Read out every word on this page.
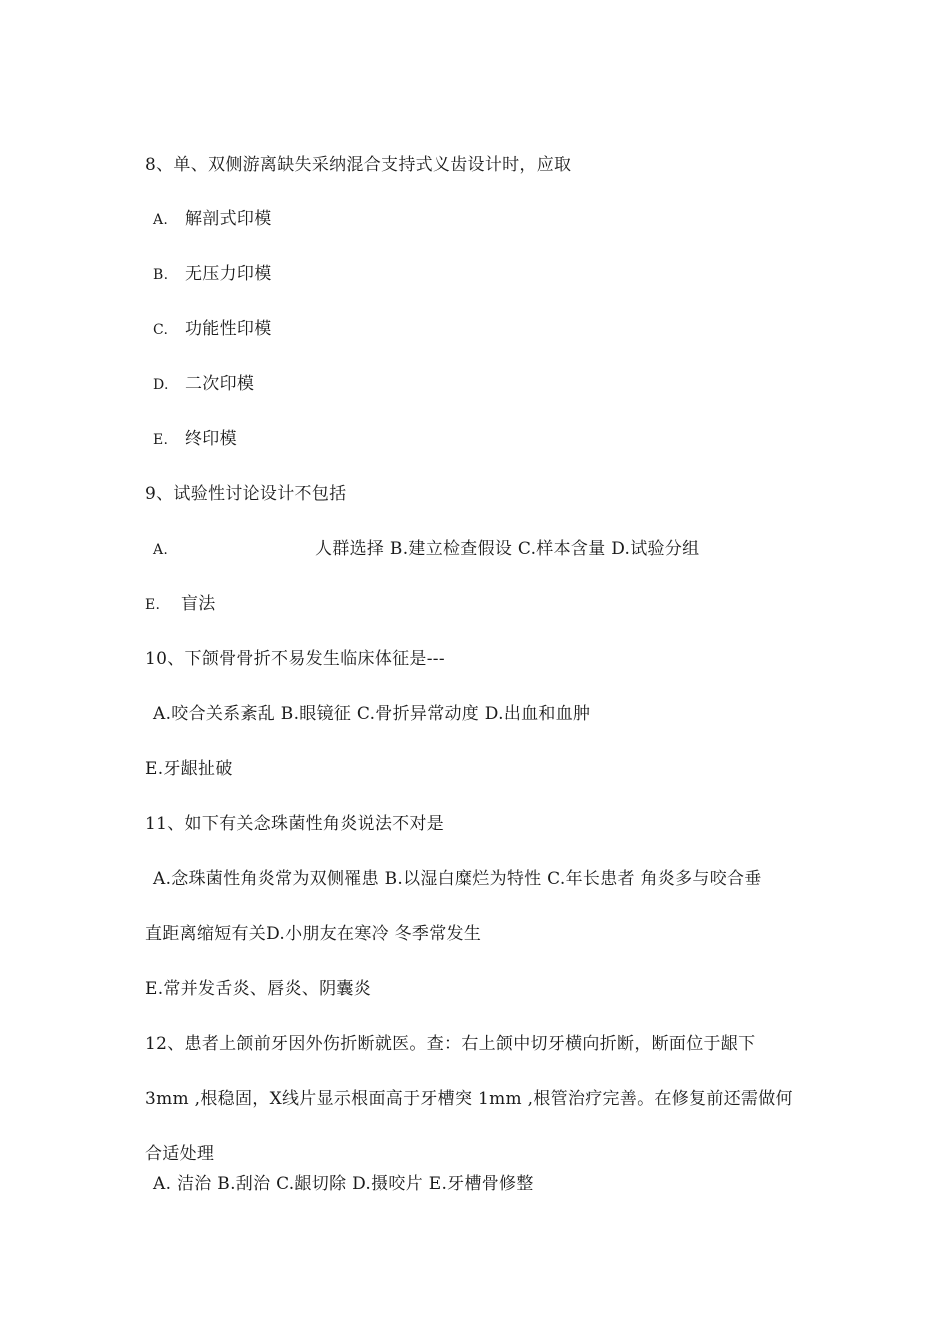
8、单、双侧游离缺失采纳混合支持式义齿设计时，应取
A. 解剖式印模
B. 无压力印模
C. 功能性印模
D. 二次印模
E. 终印模
9、试验性讨论设计不包括
A.	人群选择 B.建立检查假设 C.样本含量 D.试验分组
E. 盲法
10、下颌骨骨折不易发生临床体征是---
A.咬合关系紊乱 B.眼镜征 C.骨折异常动度 D.出血和血肿
E.牙龈扯破
11、如下有关念珠菌性角炎说法不对是
A.念珠菌性角炎常为双侧罹患 B.以湿白糜烂为特性 C.年长患者 角炎多与咬合垂
直距离缩短有关D.小朋友在寒冷 冬季常发生
E.常并发舌炎、唇炎、阴囊炎
12、患者上颌前牙因外伤折断就医。查：右上颌中切牙横向折断，断面位于龈下
3mm ,根稳固，X线片显示根面高于牙槽突 1mm ,根管治疗完善。在修复前还需做何
合适处理
A. 洁治 B.刮治 C.龈切除 D.摄咬片 E.牙槽骨修整
